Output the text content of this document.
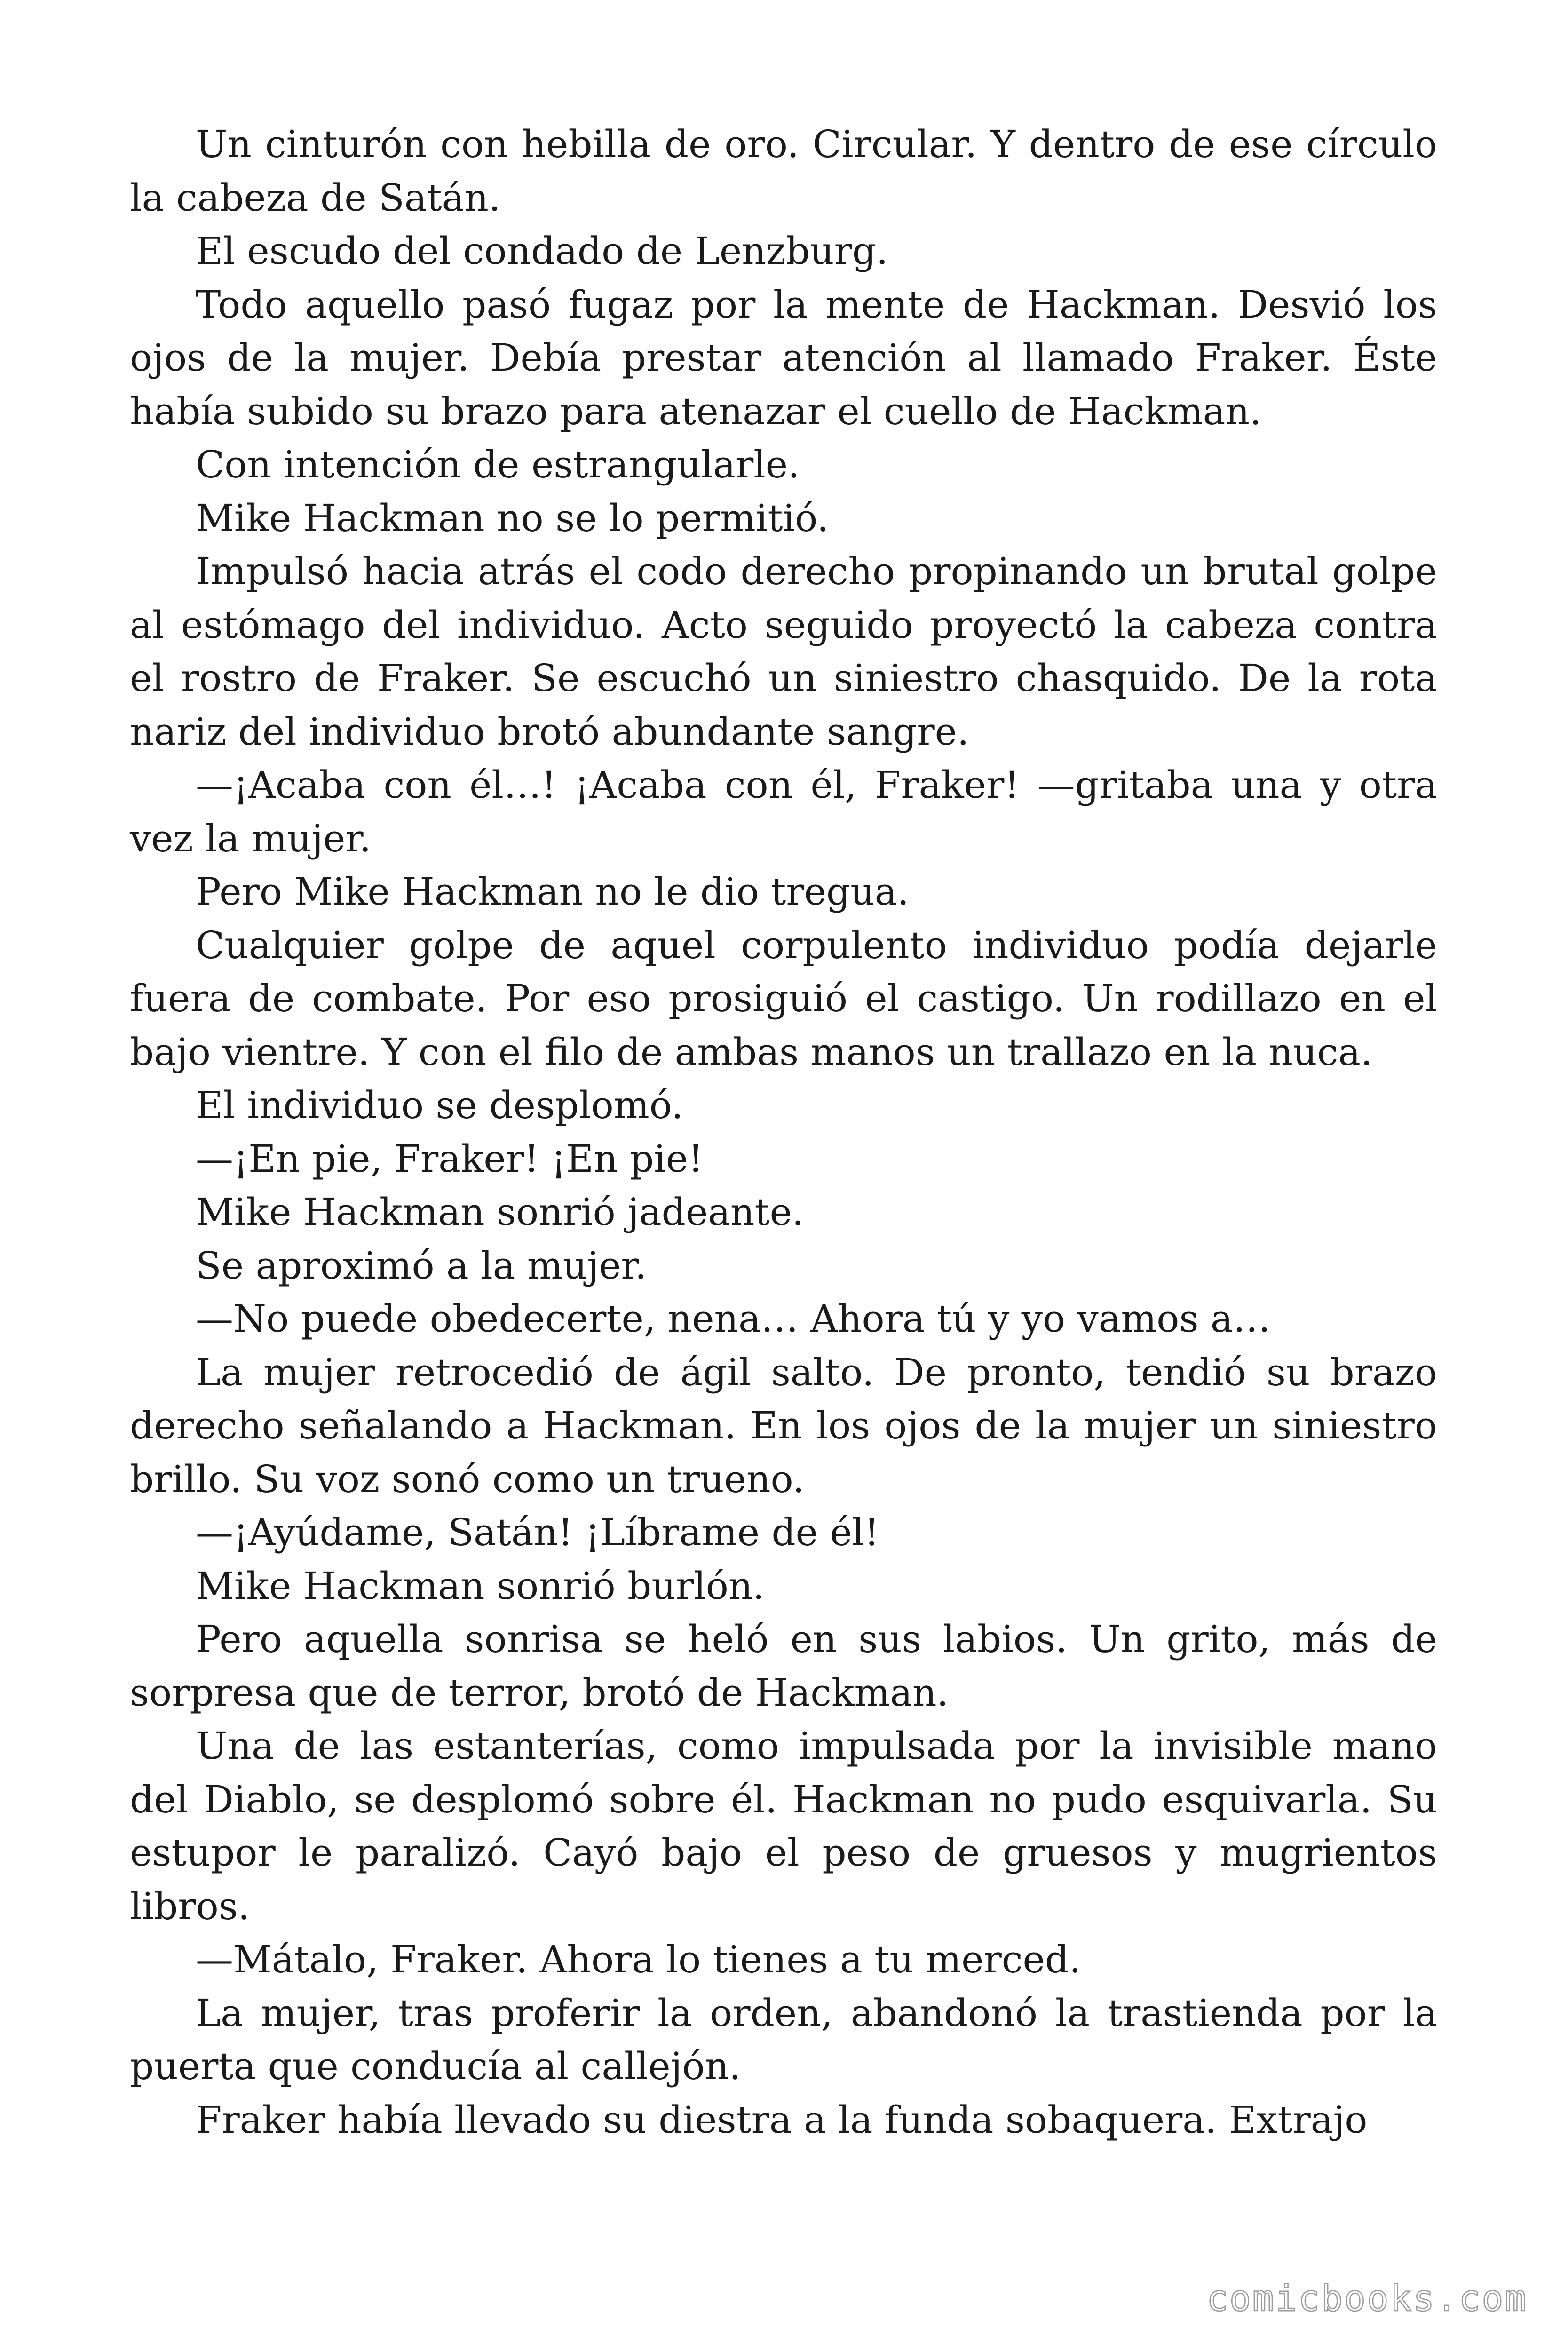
Un cinturón con hebilla de oro. Circular. Y dentro de ese círculo la cabeza de Satán.

El escudo del condado de Lenzburg.

Todo aquello pasó fugaz por la mente de Hackman. Desvió los ojos de la mujer. Debía prestar atención al llamado Fraker. Éste había subido su brazo para atenazar el cuello de Hackman.

Con intención de estrangularle.

Mike Hackman no se lo permitió.

Impulsó hacia atrás el codo derecho propinando un brutal golpe al estómago del individuo. Acto seguido proyectó la cabeza contra el rostro de Fraker. Se escuchó un siniestro chasquido. De la rota nariz del individuo brotó abundante sangre.

—¡Acaba con él…! ¡Acaba con él, Fraker! —gritaba una y otra vez la mujer.

Pero Mike Hackman no le dio tregua.

Cualquier golpe de aquel corpulento individuo podía dejarle fuera de combate. Por eso prosiguió el castigo. Un rodillazo en el bajo vientre. Y con el filo de ambas manos un trallazo en la nuca.

El individuo se desplomó.

—¡En pie, Fraker! ¡En pie!

Mike Hackman sonrió jadeante.

Se aproximó a la mujer.

—No puede obedecerte, nena… Ahora tú y yo vamos a…

La mujer retrocedió de ágil salto. De pronto, tendió su brazo derecho señalando a Hackman. En los ojos de la mujer un siniestro brillo. Su voz sonó como un trueno.

—¡Ayúdame, Satán! ¡Líbrame de él!

Mike Hackman sonrió burlón.

Pero aquella sonrisa se heló en sus labios. Un grito, más de sorpresa que de terror, brotó de Hackman.

Una de las estanterías, como impulsada por la invisible mano del Diablo, se desplomó sobre él. Hackman no pudo esquivarla. Su estupor le paralizó. Cayó bajo el peso de gruesos y mugrientos libros.

—Mátalo, Fraker. Ahora lo tienes a tu merced.

La mujer, tras proferir la orden, abandonó la trastienda por la puerta que conducía al callejón.

Fraker había llevado su diestra a la funda sobaquera. Extrajo

comicbooks.com
